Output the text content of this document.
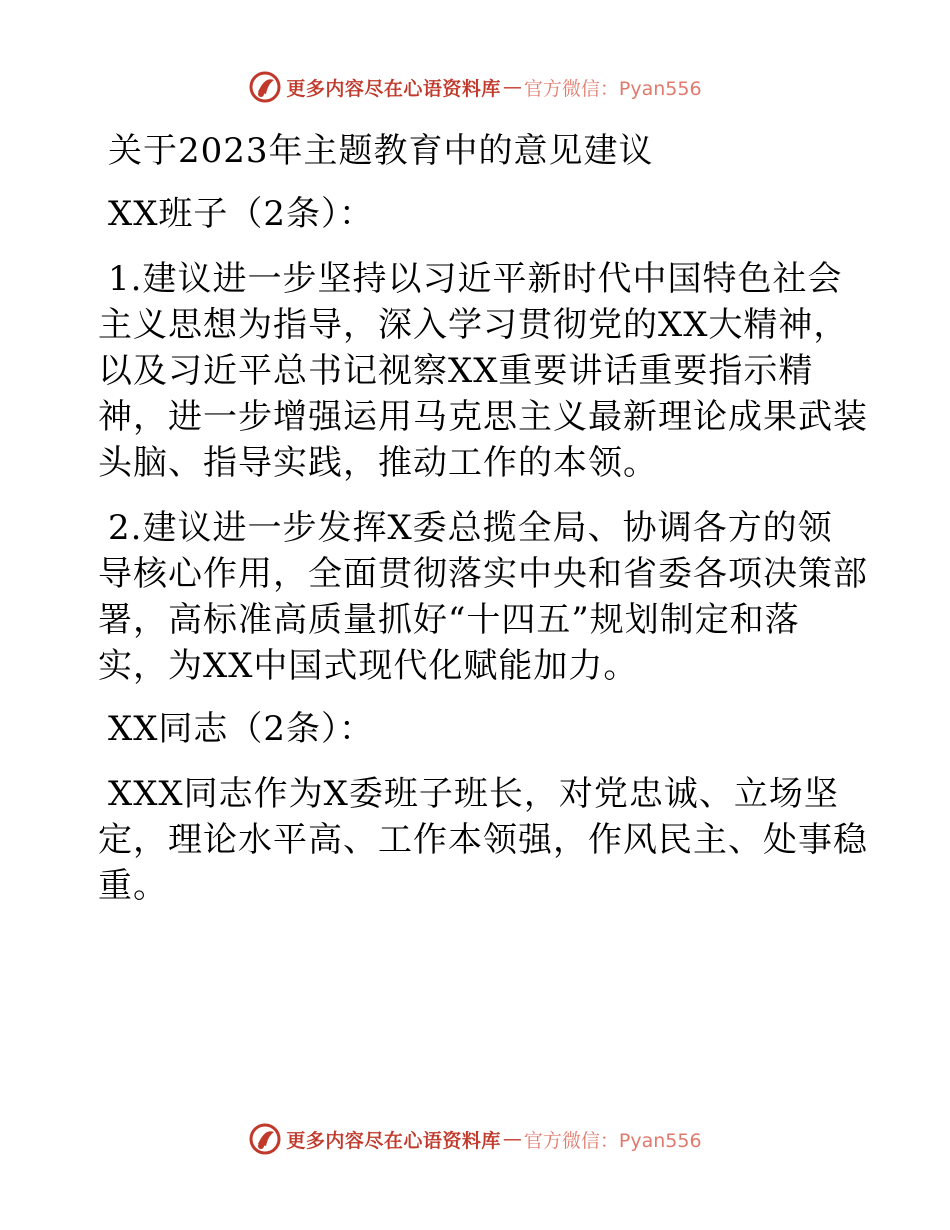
更多内容尽在心语资料库 — 官方微信：Pyan556

关于2023年主题教育中的意见建议

XX班子（2条）：

1.建议进一步坚持以习近平新时代中国特色社会

主义思想为指导，深入学习贯彻党的XX大精神，

以及习近平总书记视察XX重要讲话重要指示精

神，进一步增强运用马克思主义最新理论成果武装

头脑、指导实践，推动工作的本领。

2.建议进一步发挥X委总揽全局、协调各方的领

导核心作用，全面贯彻落实中央和省委各项决策部

署，高标准高质量抓好“十四五”规划制定和落

实，为XX中国式现代化赋能加力。

XX同志（2条）：

XXX同志作为X委班子班长，对党忠诚、立场坚

定，理论水平高、工作本领强，作风民主、处事稳

重。

更多内容尽在心语资料库 — 官方微信：Pyan556
